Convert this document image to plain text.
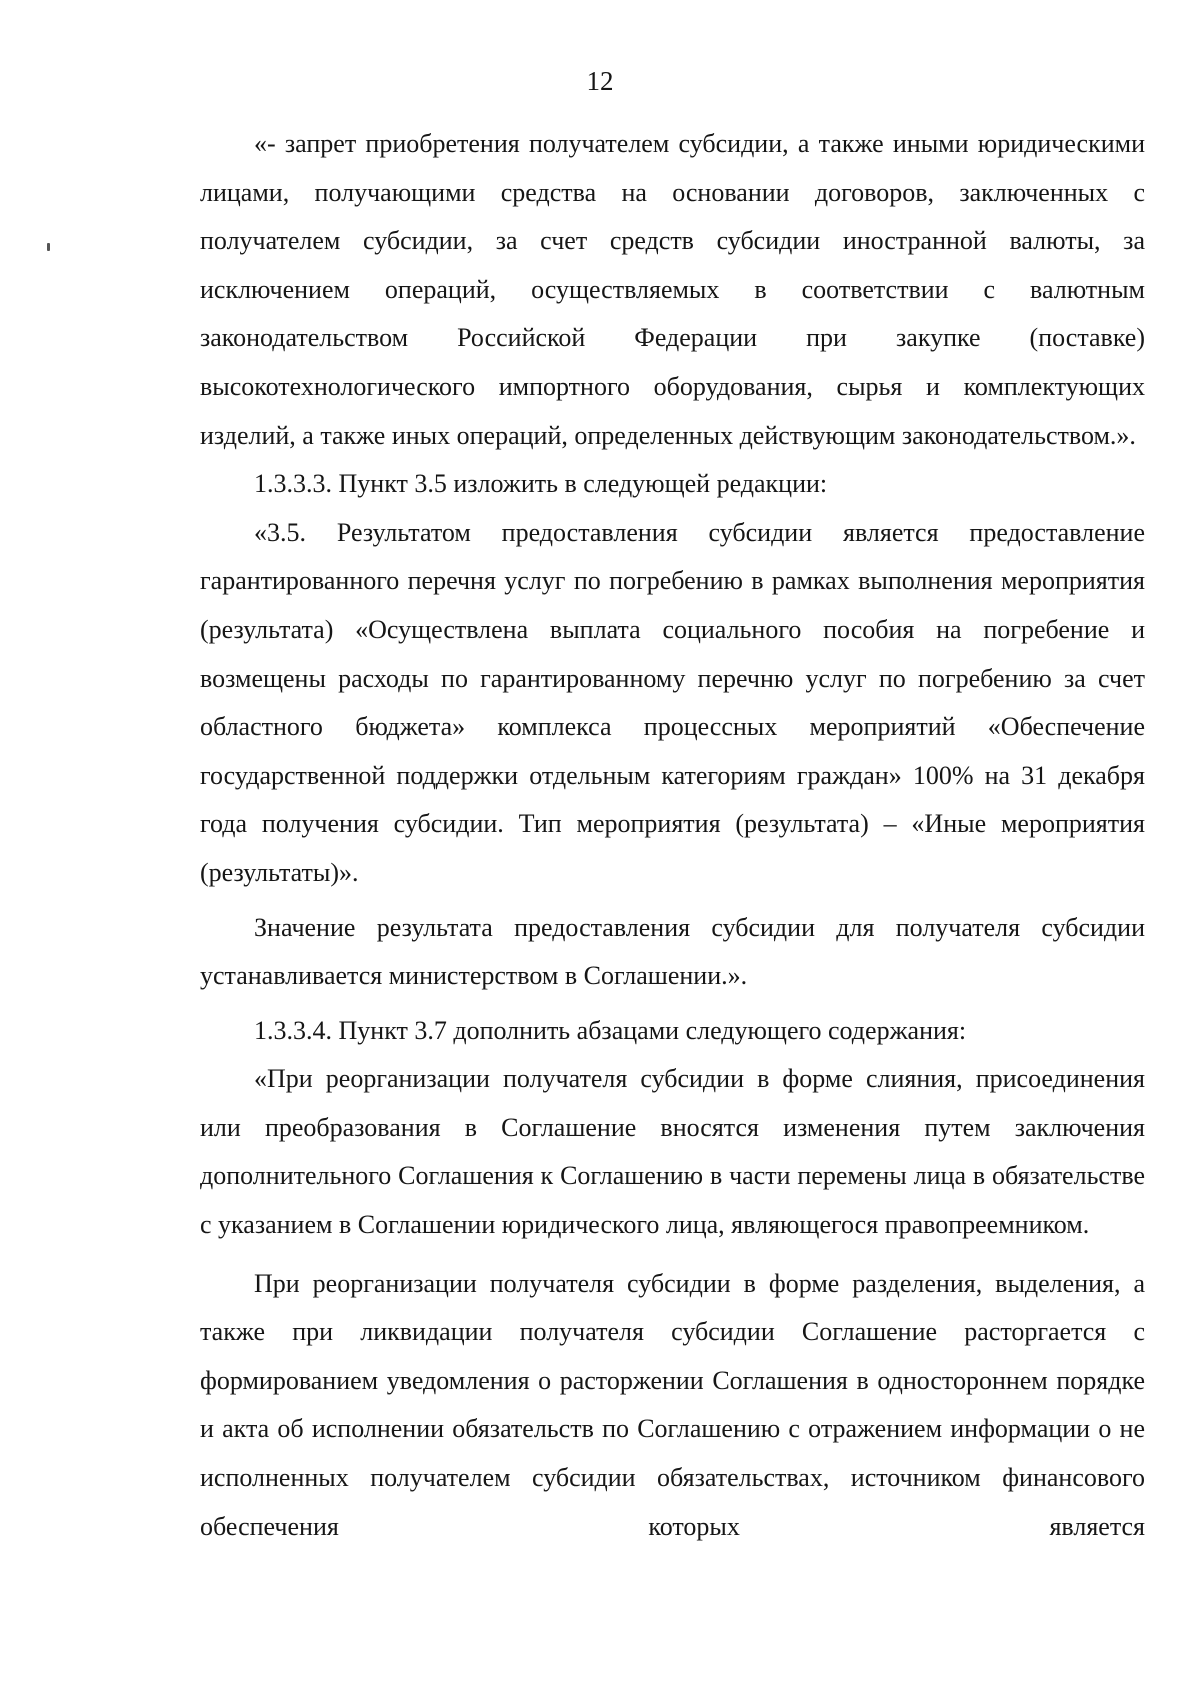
12

«- запрет приобретения получателем субсидии, а также иными юридическими лицами, получающими средства на основании договоров, заключенных с получателем субсидии, за счет средств субсидии иностранной валюты, за исключением операций, осуществляемых в соответствии с валютным законодательством Российской Федерации при закупке (поставке) высокотехнологического импортного оборудования, сырья и комплектующих изделий, а также иных операций, определенных действующим законодательством.».

1.3.3.3. Пункт 3.5 изложить в следующей редакции:

«3.5. Результатом предоставления субсидии является предоставление гарантированного перечня услуг по погребению в рамках выполнения мероприятия (результата) «Осуществлена выплата социального пособия на погребение и возмещены расходы по гарантированному перечню услуг по погребению за счет областного бюджета» комплекса процессных мероприятий «Обеспечение государственной поддержки отдельным категориям граждан» 100% на 31 декабря года получения субсидии. Тип мероприятия (результата) – «Иные мероприятия (результаты)».

Значение результата предоставления субсидии для получателя субсидии устанавливается министерством в Соглашении.».

1.3.3.4. Пункт 3.7 дополнить абзацами следующего содержания:

«При реорганизации получателя субсидии в форме слияния, присоединения или преобразования в Соглашение вносятся изменения путем заключения дополнительного Соглашения к Соглашению в части перемены лица в обязательстве с указанием в Соглашении юридического лица, являющегося правопреемником.

При реорганизации получателя субсидии в форме разделения, выделения, а также при ликвидации получателя субсидии Соглашение расторгается с формированием уведомления о расторжении Соглашения в одностороннем порядке и акта об исполнении обязательств по Соглашению с отражением информации о не исполненных получателем субсидии обязательствах, источником финансового обеспечения которых является
